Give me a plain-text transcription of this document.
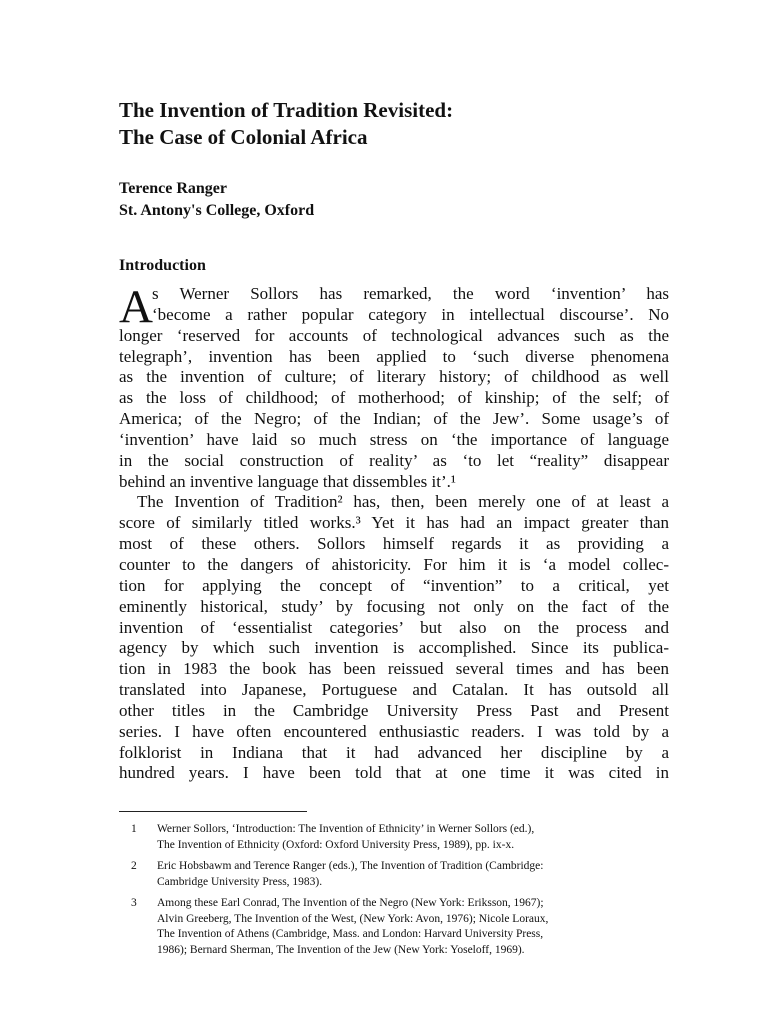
The Invention of Tradition Revisited:
The Case of Colonial Africa
Terence Ranger
St. Antony's College, Oxford
Introduction
A s Werner Sollors has remarked, the word ‘invention’ has
‘become a rather popular category in intellectual discourse’. No
longer ‘reserved for accounts of technological advances such as the
telegraph’, invention has been applied to ‘such diverse phenomena
as the invention of culture; of literary history; of childhood as well
as the loss of childhood; of motherhood; of kinship; of the self; of
America; of the Negro; of the Indian; of the Jew’. Some usage’s of
‘invention’ have laid so much stress on ‘the importance of language
in the social construction of reality’ as ‘to let “reality” disappear
behind an inventive language that dissembles it’.¹
The Invention of Tradition² has, then, been merely one of at least a
score of similarly titled works.³ Yet it has had an impact greater than
most of these others. Sollors himself regards it as providing a
counter to the dangers of ahistoricity. For him it is ‘a model collec-
tion for applying the concept of “invention” to a critical, yet
eminently historical, study’ by focusing not only on the fact of the
invention of ‘essentialist categories’ but also on the process and
agency by which such invention is accomplished. Since its publica-
tion in 1983 the book has been reissued several times and has been
translated into Japanese, Portuguese and Catalan. It has outsold all
other titles in the Cambridge University Press Past and Present
series. I have often encountered enthusiastic readers. I was told by a
folklorist in Indiana that it had advanced her discipline by a
hundred years. I have been told that at one time it was cited in
1 Werner Sollors, ‘Introduction: The Invention of Ethnicity’ in Werner Sollors (ed.),
The Invention of Ethnicity (Oxford: Oxford University Press, 1989), pp. ix-x.
2 Eric Hobsbawm and Terence Ranger (eds.), The Invention of Tradition (Cambridge:
Cambridge University Press, 1983).
3 Among these Earl Conrad, The Invention of the Negro (New York: Eriksson, 1967);
Alvin Greeberg, The Invention of the West, (New York: Avon, 1976); Nicole Loraux,
The Invention of Athens (Cambridge, Mass. and London: Harvard University Press,
1986); Bernard Sherman, The Invention of the Jew (New York: Yoseloff, 1969).
